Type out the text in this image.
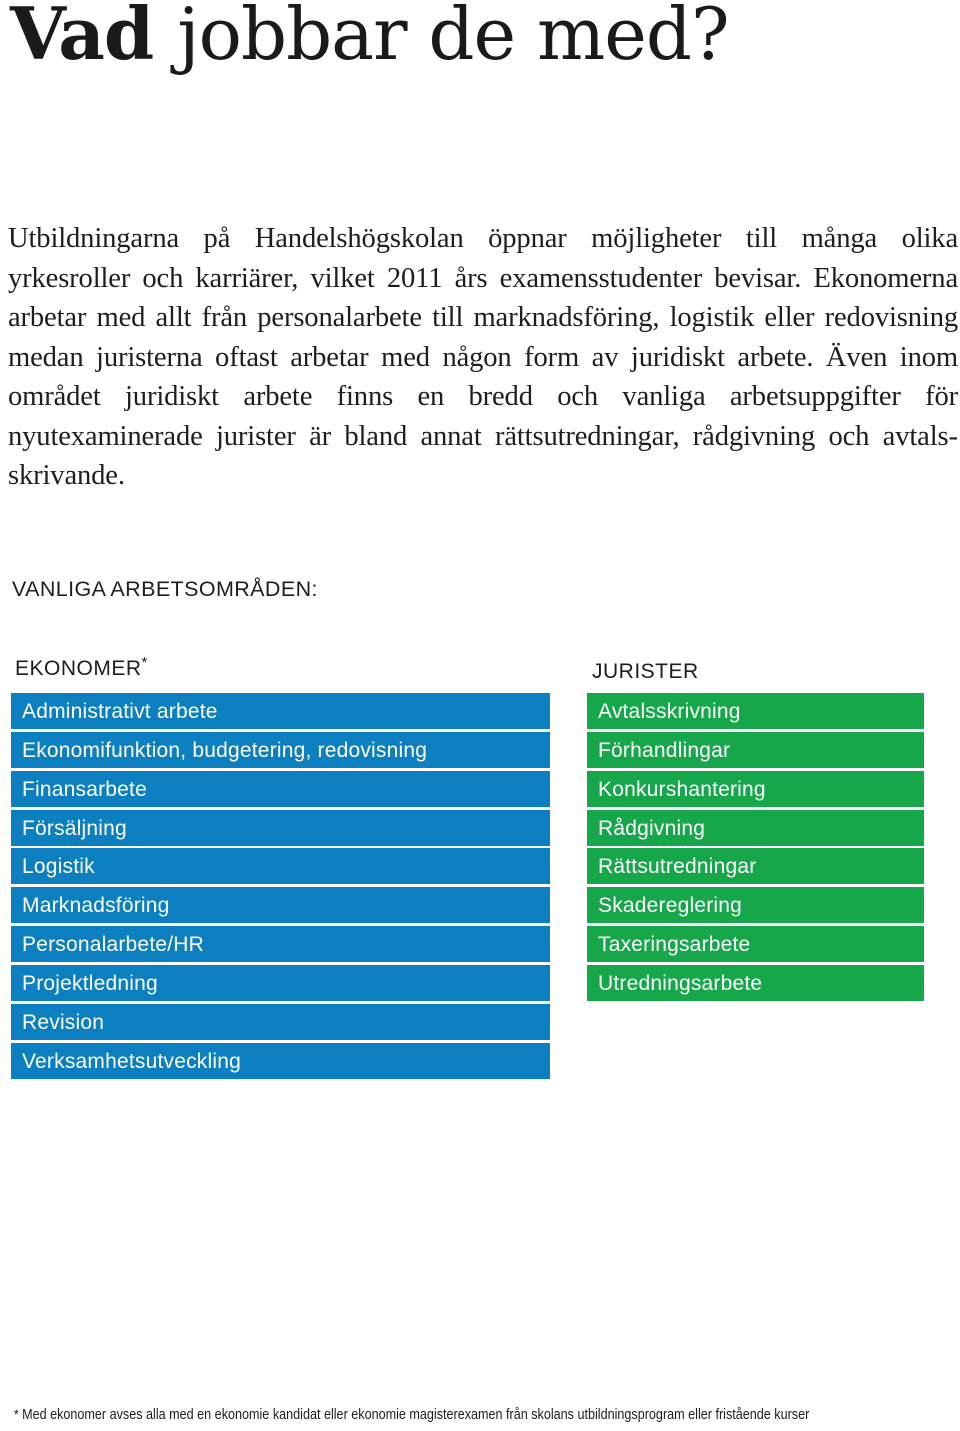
Vad jobbar de med?

Utbildningarna på Handelshögskolan öppnar möjligheter till många olika yrkesroller och karriärer, vilket 2011 års examensstudenter bevisar. Ekonomerna arbetar med allt från personalarbete till marknadsföring, logistik eller redovisning medan juristerna oftast arbetar med någon form av juridiskt arbete. Även inom området juridiskt arbete finns en bredd och vanliga arbetsuppgifter för nyutexaminerade jurister är bland annat rättsutredningar, rådgivning och avtalsskrivande.

VANLIGA ARBETSOMRÅDEN:
EKONOMER*	JURISTER
Administrativt arbete
Ekonomifunktion, budgetering, redovisning
Finansarbete
Försäljning
Logistik
Marknadsföring
Personalarbete/HR
Projektledning
Revision
Verksamhetsutveckling
Avtalsskrivning
Förhandlingar
Konkurshantering
Rådgivning
Rättsutredningar
Skadereglering
Taxeringsarbete
Utredningsarbete

* Med ekonomer avses alla med en ekonomie kandidat eller ekonomie magisterexamen från skolans utbildningsprogram eller fristående kurser
